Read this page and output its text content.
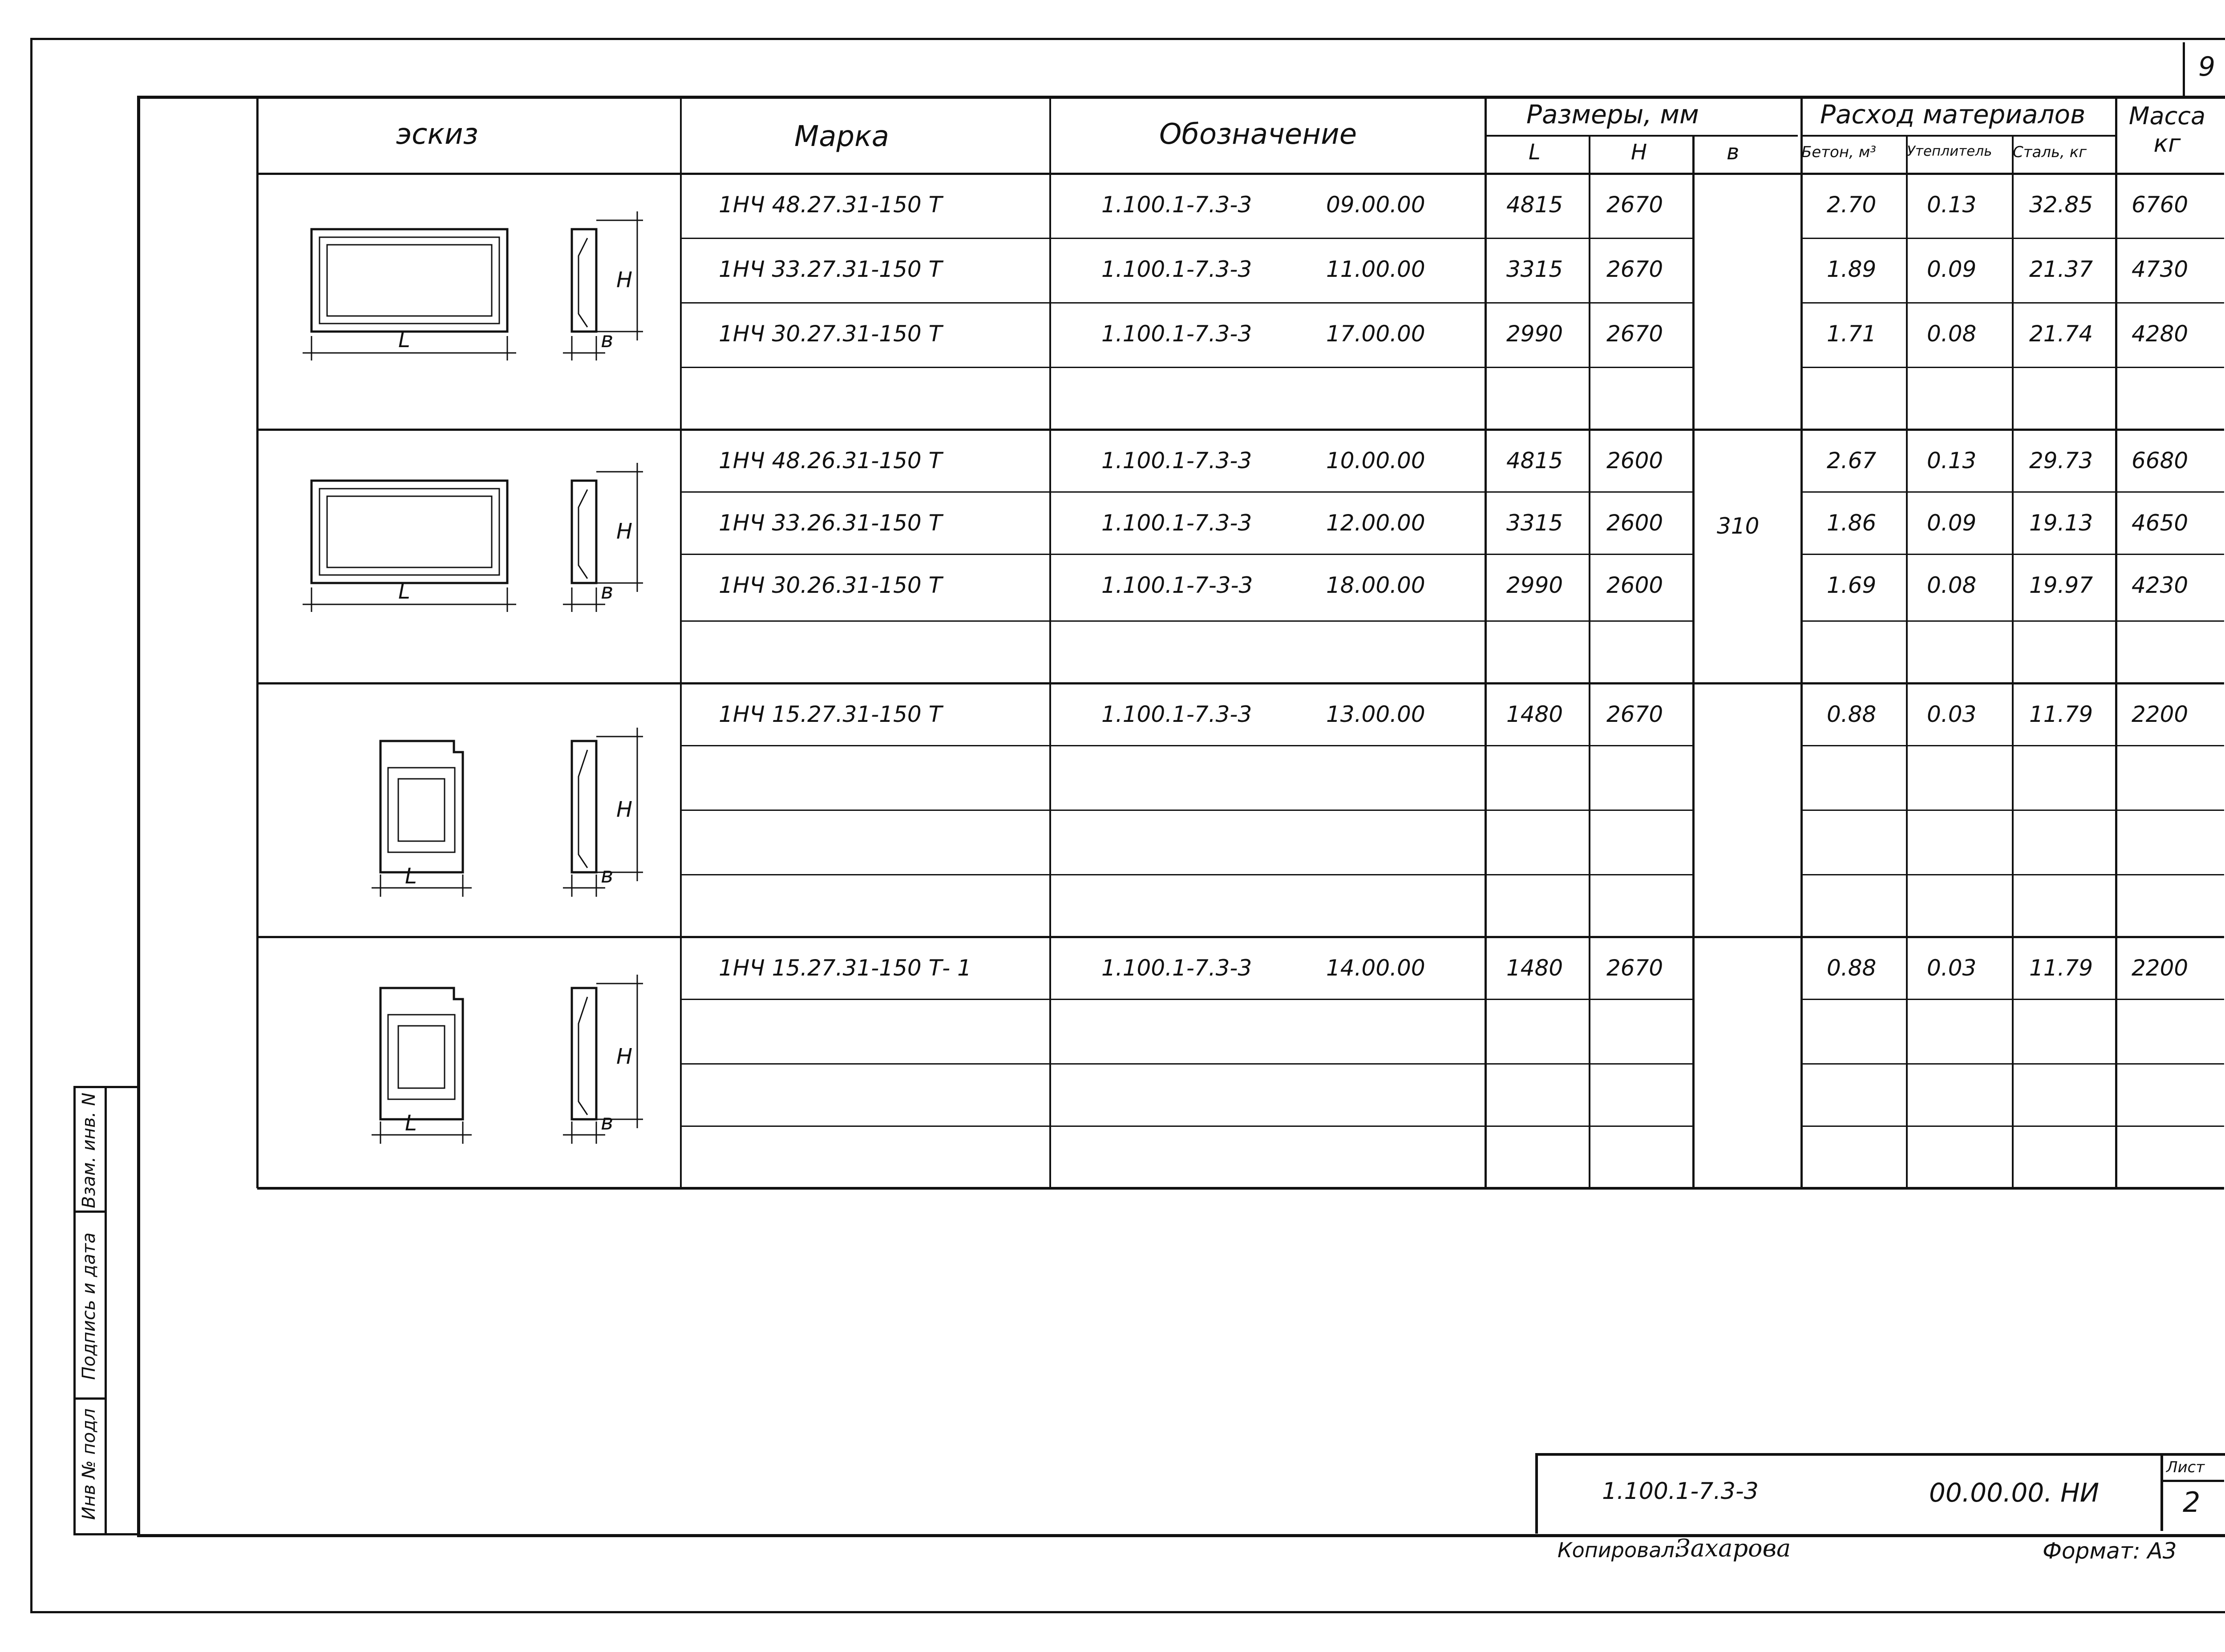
9
Взам. инв. N
Подпись и дата
Инв № подл
эскиз	Марка	Обозначение
Размеры, мм
L	H	в
Расход материалов
Бетон, м³ Утеплитель Сталь, кг
Масса кг
310
1НЧ 48.27.31-150 Т	1.100.1-7.3-3	09.00.00	4815 2670	2.70 0.13 32.85 6760
1НЧ 33.27.31-150 Т	1.100.1-7.3-3	11.00.00	3315 2670	1.89 0.09 21.37 4730
1НЧ 30.27.31-150 Т	1.100.1-7.3-3	17.00.00	2990 2670	1.71 0.08 21.74 4280
1НЧ 48.26.31-150 Т	1.100.1-7.3-3	10.00.00	4815 2600	2.67 0.13 29.73 6680
1НЧ 33.26.31-150 Т	1.100.1-7.3-3	12.00.00	3315 2600	1.86 0.09 19.13 4650
1НЧ 30.26.31-150 Т	1.100.1-7-3-3	18.00.00	2990 2600	1.69 0.08 19.97 4230
1НЧ 15.27.31-150 Т	1.100.1-7.3-3	13.00.00	1480 2670	0.88 0.03 11.79 2200
1НЧ 15.27.31-150 Т- 1	1.100.1-7.3-3	14.00.00	1480 2670	0.88 0.03 11.79 2200
L
H
в
L
H
в
L
H
в
L
H
в
1.100.1-7.3-3	00.00.00. НИ
Лист
2
Копировал:
Захарова	Формат: А3
